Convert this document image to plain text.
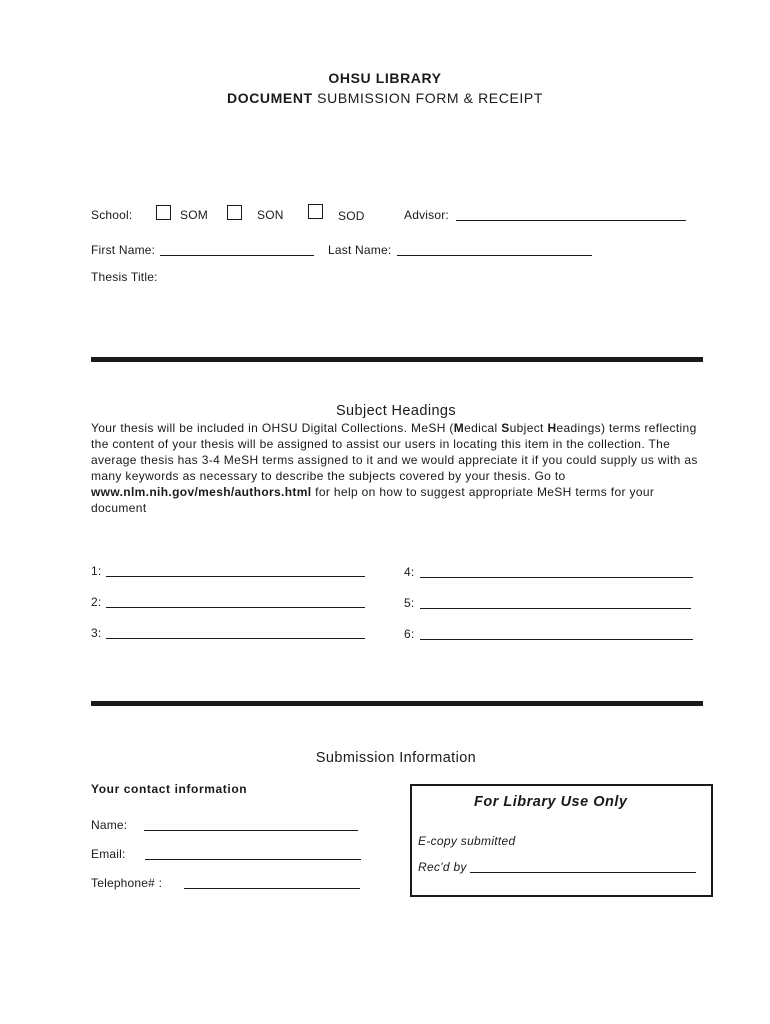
OHSU LIBRARY
DOCUMENT SUBMISSION FORM & RECEIPT
School:	SOM	SON	SOD	Advisor:
First Name:	Last Name:
Thesis Title:
Subject Headings
Your thesis will be included in OHSU Digital Collections. MeSH (Medical Subject Headings) terms reflecting the content of your thesis will be assigned to assist our users in locating this item in the collection. The average thesis has 3-4 MeSH terms assigned to it and we would appreciate it if you could supply us with as many keywords as necessary to describe the subjects covered by your thesis. Go to www.nlm.nih.gov/mesh/authors.html for help on how to suggest appropriate MeSH terms for your document
1:
2:
3:
4:
5:
6:
Submission Information
Your contact information
Name:
Email:
Telephone# :
For Library Use Only
E-copy submitted
Rec'd by
